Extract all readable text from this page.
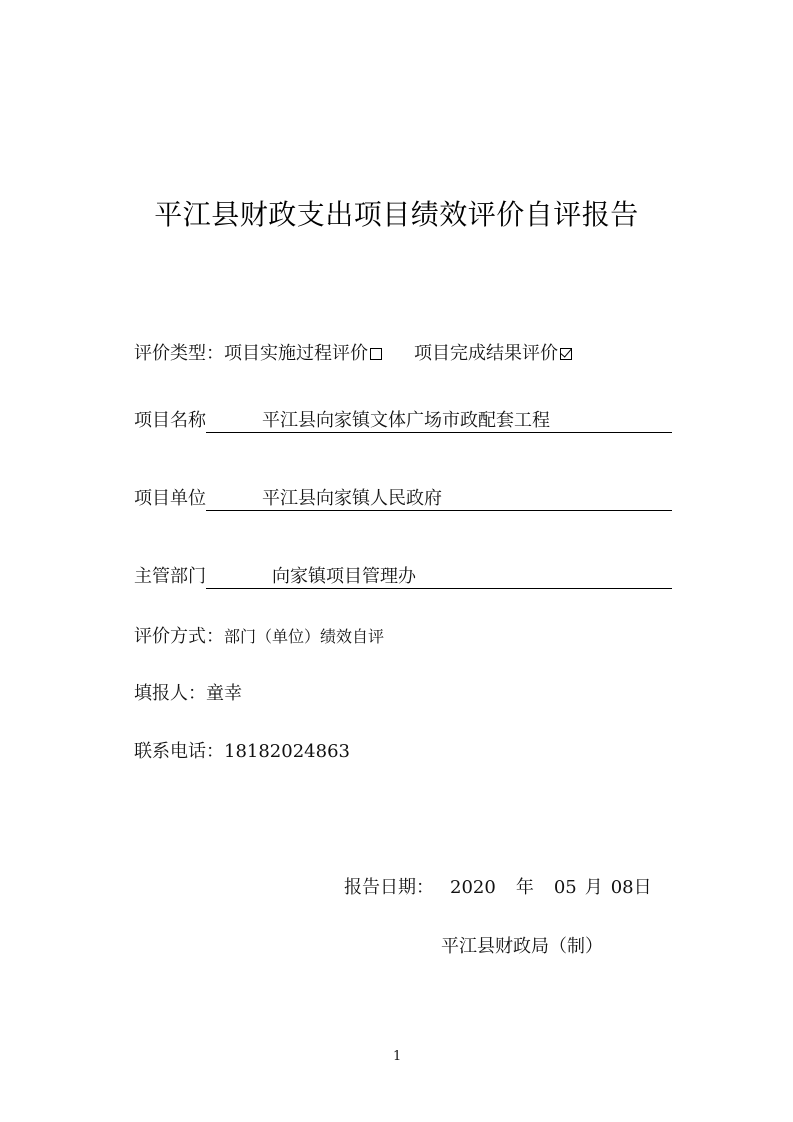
平江县财政支出项目绩效评价自评报告
评价类型：项目实施过程评价	项目完成结果评价
项目名称	平江县向家镇文体广场市政配套工程
项目单位	平江县向家镇人民政府
主管部门	向家镇项目管理办
评价方式：部门（单位）绩效自评
填报人：童幸
联系电话：18182024863
报告日期： 2020 年 05 月 08日
平江县财政局（制）
1
